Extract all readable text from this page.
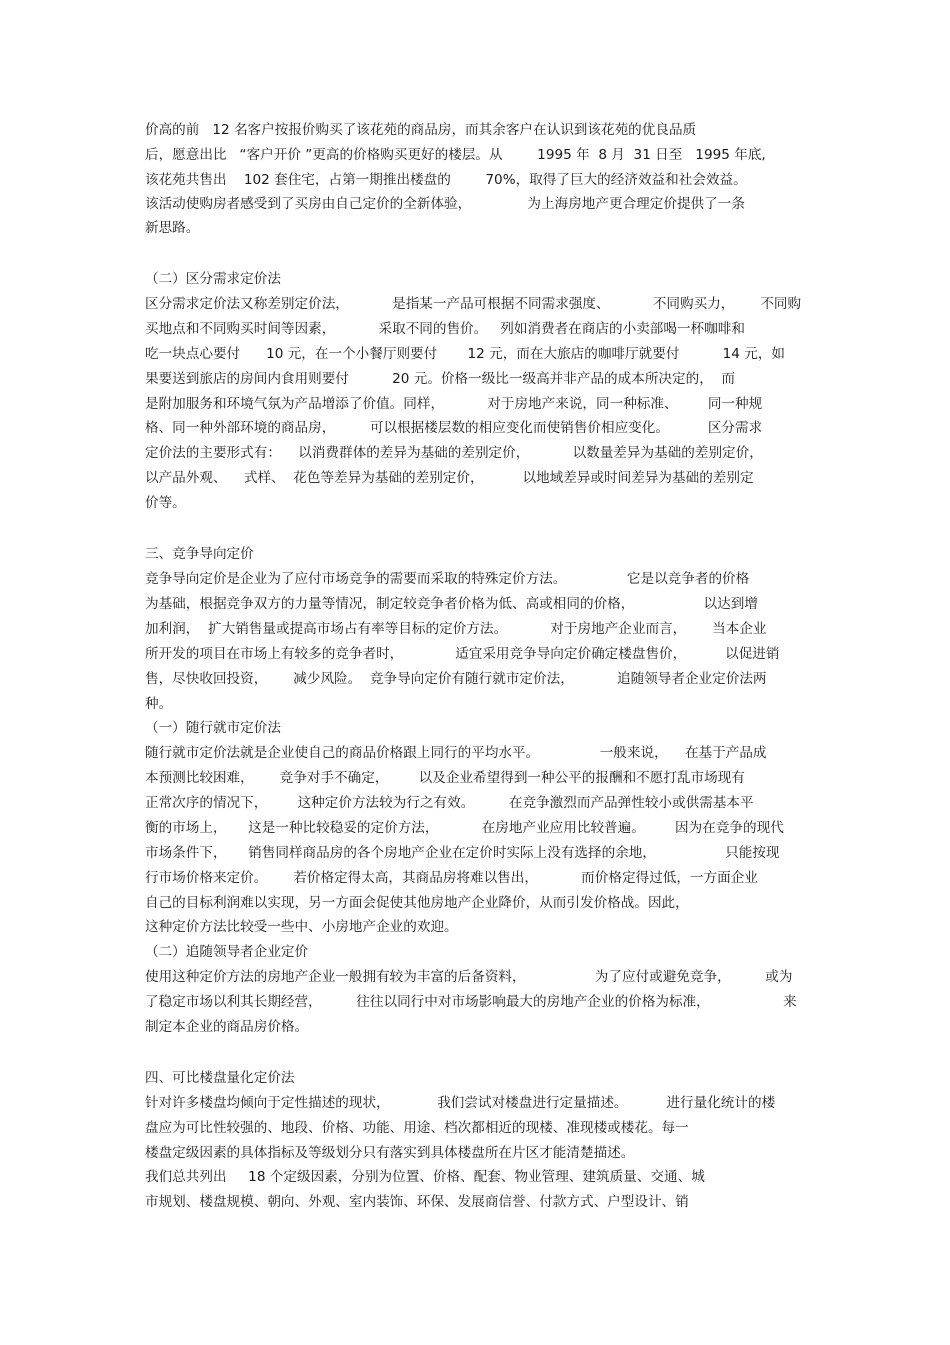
价高的前   12 名客户按报价购买了该花苑的商品房，而其余客户在认识到该花苑的优良品质
后，愿意出比   “客户开价 ”更高的价格购买更好的楼层。从        1995 年  8 月  31 日至   1995 年底,
该花苑共售出    102 套住宅，占第一期推出楼盘的        70%，取得了巨大的经济效益和社会效益。
该活动使购房者感受到了买房由自己定价的全新体验，             为上海房地产更合理定价提供了一条
新思路。
（二）区分需求定价法
区分需求定价法又称差别定价法，          是指某一产品可根据不同需求强度、          不同购买力，      不同购
买地点和不同购买时间等因素，          采取不同的售价。   列如消费者在商店的小卖部喝一杯咖啡和
吃一块点心要付      10 元，在一个小餐厅则要付       12 元，而在大旅店的咖啡厅就要付          14 元，如
果要送到旅店的房间内食用则要付          20 元。价格一级比一级高并非产品的成本所决定的，  而
是附加服务和环境气氛为产品增添了价值。同样，          对于房地产来说，同一种标准、       同一种规
格、同一种外部环境的商品房，        可以根据楼层数的相应变化而使销售价相应变化。         区分需求
定价法的主要形式有：    以消费群体的差异为基础的差别定价，          以数量差异为基础的差别定价，
以产品外观、    式样、  花色等差异为基础的差别定价，         以地域差异或时间差异为基础的差别定
价等。
三、竞争导向定价
竞争导向定价是企业为了应付市场竞争的需要而采取的特殊定价方法。              它是以竞争者的价格
为基础，根据竞争双方的力量等情况，制定较竞争者价格为低、高或相同的价格，                以达到增
加利润，  扩大销售量或提高市场占有率等目标的定价方法。          对于房地产企业而言，      当本企业
所开发的项目在市场上有较多的竞争者时，            适宜采用竞争导向定价确定楼盘售价，         以促进销
售，尽快收回投资，      减少风险。  竞争导向定价有随行就市定价法，          追随领导者企业定价法两
种。
（一）随行就市定价法
随行就市定价法就是企业使自己的商品价格跟上同行的平均水平。              一般来说，    在基于产品成
本预测比较困难，      竞争对手不确定，       以及企业希望得到一种公平的报酬和不愿打乱市场现有
正常次序的情况下，       这种定价方法较为行之有效。        在竞争激烈而产品弹性较小或供需基本平
衡的市场上，     这是一种比较稳妥的定价方法，          在房地产业应用比较普遍。       因为在竞争的现代
市场条件下，     销售同样商品房的各个房地产企业在定价时实际上没有选择的余地，                只能按现
行市场价格来定价。      若价格定得太高，其商品房将难以售出，          而价格定得过低，一方面企业
自己的目标利润难以实现，另一方面会促使其他房地产企业降价，从而引发价格战。因此，
这种定价方法比较受一些中、小房地产企业的欢迎。
（二）追随领导者企业定价
使用这种定价方法的房地产企业一般拥有较为丰富的后备资料，                为了应付或避免竞争，        或为
了稳定市场以利其长期经营，        往往以同行中对市场影响最大的房地产企业的价格为标准，                 来
制定本企业的商品房价格。
四、可比楼盘量化定价法
针对许多楼盘均倾向于定性描述的现状，           我们尝试对楼盘进行定量描述。         进行量化统计的楼
盘应为可比性较强的、地段、价格、功能、用途、档次都相近的现楼、准现楼或楼花。每一
楼盘定级因素的具体指标及等级划分只有落实到具体楼盘所在片区才能清楚描述。
我们总共列出     18 个定级因素，分别为位置、价格、配套、物业管理、建筑质量、交通、城
市规划、楼盘规模、朝向、外观、室内装饰、环保、发展商信誉、付款方式、户型设计、销
